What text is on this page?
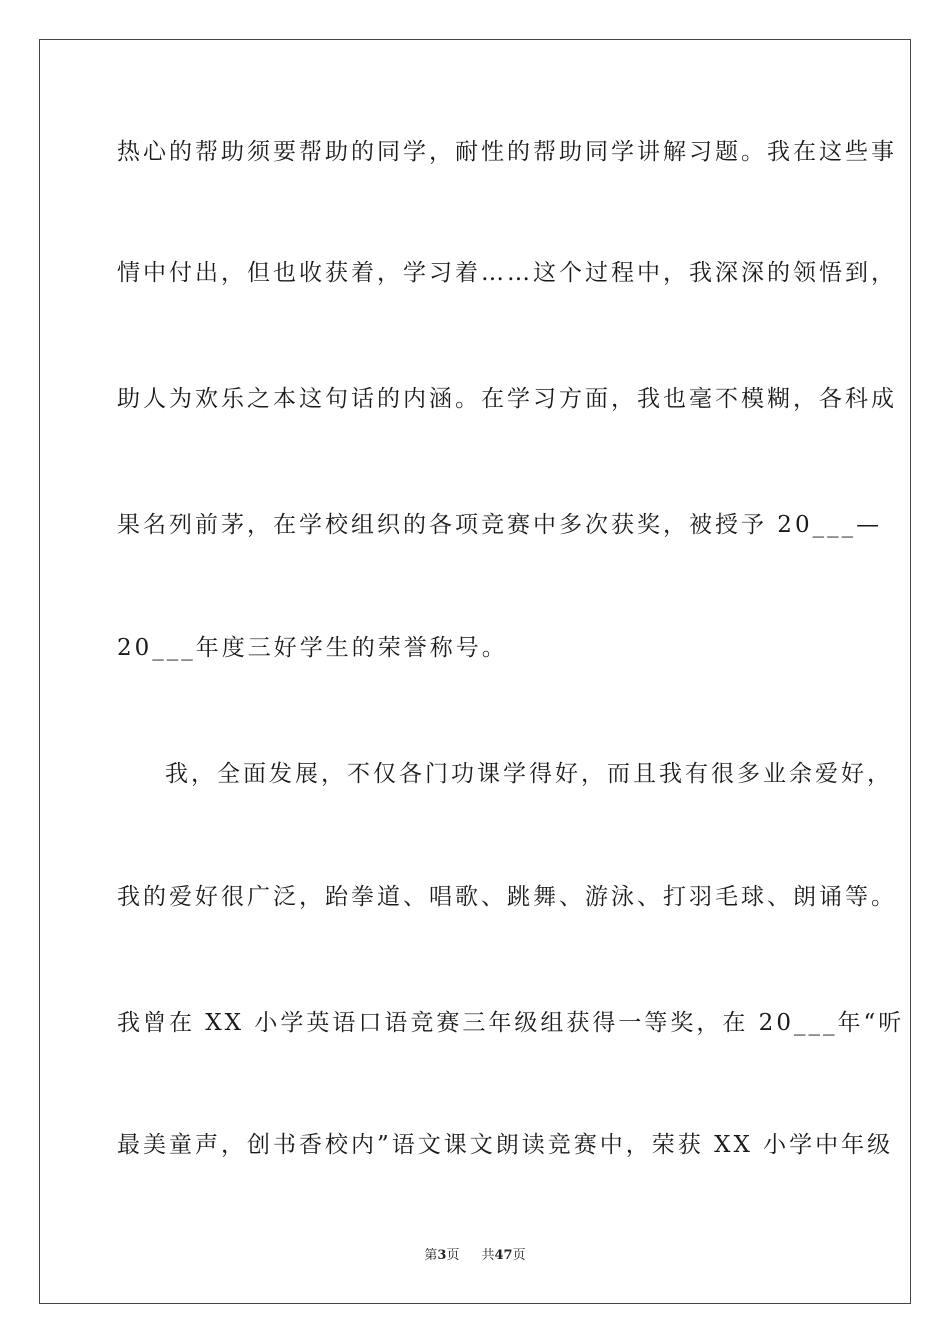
热心的帮助须要帮助的同学，耐性的帮助同学讲解习题。我在这些事
情中付出，但也收获着，学习着……这个过程中，我深深的领悟到，
助人为欢乐之本这句话的内涵。在学习方面，我也毫不模糊，各科成
果名列前茅，在学校组织的各项竞赛中多次获奖，被授予 20___—
20___年度三好学生的荣誉称号。
我，全面发展，不仅各门功课学得好，而且我有很多业余爱好，
我的爱好很广泛，跆拳道、唱歌、跳舞、游泳、打羽毛球、朗诵等。
我曾在 XX 小学英语口语竞赛三年级组获得一等奖，在 20___年“听
最美童声，创书香校内”语文课文朗读竞赛中，荣获 XX 小学中年级
第3页 共47页
